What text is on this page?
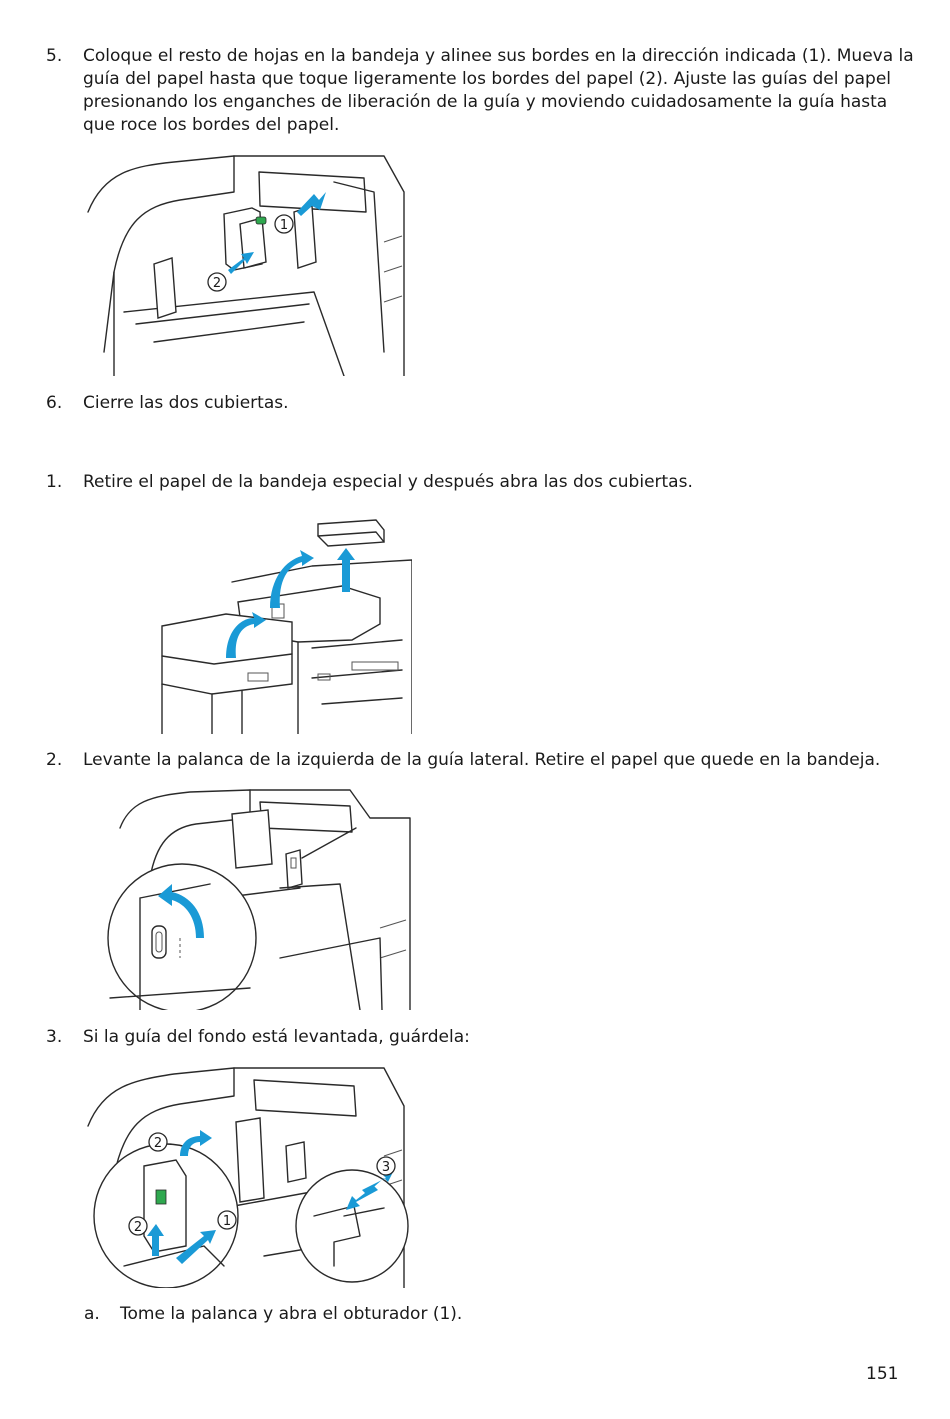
5. Coloque el resto de hojas en la bandeja y alinee sus bordes en la dirección indicada (1). Mueva la guía del papel hasta que toque ligeramente los bordes del papel (2). Ajuste las guías del papel presionando los enganches de liberación de la guía y moviendo cuidadosamente la guía hasta que roce los bordes del papel.
1
2
6. Cierre las dos cubiertas.
1. Retire el papel de la bandeja especial y después abra las dos cubiertas.
2. Levante la palanca de la izquierda de la guía lateral. Retire el papel que quede en la bandeja.
3. Si la guía del fondo está levantada, guárdela:
2
3
2	1
a. Tome la palanca y abra el obturador (1).
151
